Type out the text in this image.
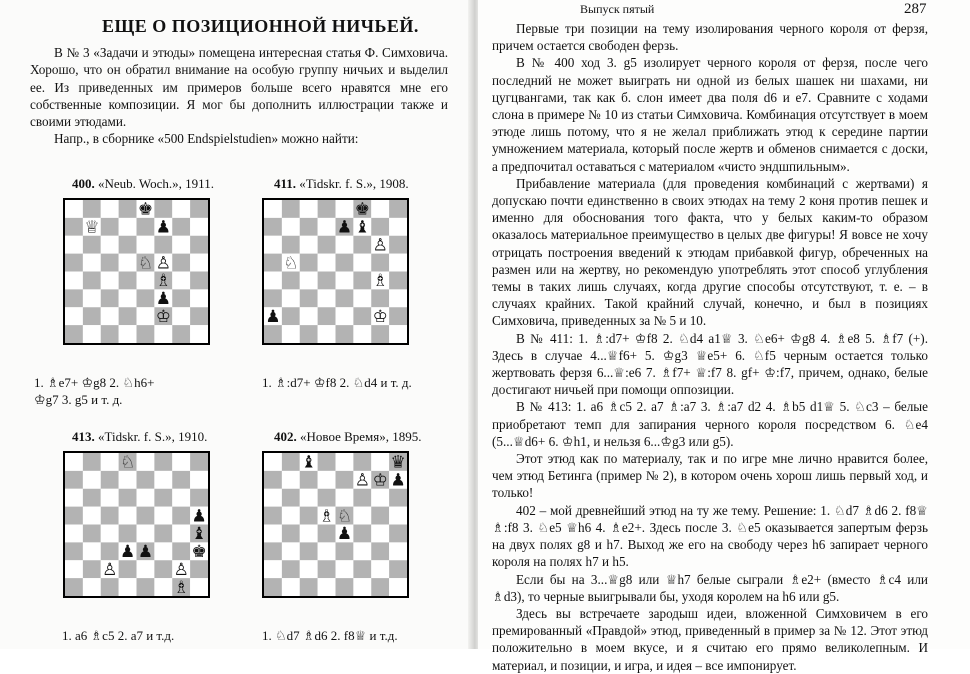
ЕЩЕ О ПОЗИЦИОННОЙ НИЧЬЕЙ.

В № 3 «Задачи и этюды» помещена интересная статья Ф. Симховича. Хорошо, что он обратил внимание на особую группу ничьих и выделил ее. Из приведенных им примеров больше всего нравятся мне его собственные композиции. Я мог бы дополнить иллюстрации также и своими этюдами.

Напр., в сборнике «500 Endspielstudien» можно найти:

400. «Neub. Woch.», 1911.
♚
♕	♟
♘ ♙
♗
♟
♔
1. ♗e7+ ♔g8 2. ♘h6+
♔g7 3. g5 и т. д.
411. «Tidskr. f. S.», 1908.
♚
♟ ♝
♙
♘
♗
♟	♔
1. ♗:d7+ ♔f8 2. ♘d4 и т. д.
413. «Tidskr. f. S.», 1910.
♘
♟
♝
♟ ♟ ♚
♙	♙
♗
1. a6 ♗c5 2. a7 и т.д.
402. «Новое Время», 1895.
♝	♛
♙ ♔ ♟
♗ ♘
♟
1. ♘d7 ♗d6 2. f8♕ и т.д.
Выпуск пятый	287

Первые три позиции на тему изолирования черного короля от ферзя, причем остается свободен ферзь.

В № 400 ход 3. g5 изолирует черного короля от ферзя, после чего последний не может выиграть ни одной из белых шашек ни шахами, ни цугцвангами, так как б. слон имеет два поля d6 и e7. Сравните с ходами слона в примере № 10 из статьи Симховича. Комбинация отсутствует в моем этюде лишь потому, что я не желал приближать этюд к середине партии умножением материала, который после жертв и обменов снимается с доски, а предпочитал оставаться с материалом «чисто эндшпильным».

Прибавление материала (для проведения комбинаций с жертвами) я допускаю почти единственно в своих этюдах на тему 2 коня против пешек и именно для обоснования того факта, что у белых каким-то образом оказалось материальное преимущество в целых две фигуры! Я вовсе не хочу отрицать построения введений к этюдам прибавкой фигур, обреченных на размен или на жертву, но рекомендую употреблять этот способ углубления темы в таких лишь случаях, когда другие способы отсутствуют, т. е. – в случаях крайних. Такой крайний случай, конечно, и был в позициях Симховича, приведенных за № 5 и 10.

В № 411: 1. ♗:d7+ ♔f8 2. ♘d4 a1♕ 3. ♘e6+ ♔g8 4. ♗e8 5. ♗f7 (+). Здесь в случае 4...♕f6+ 5. ♔g3 ♕e5+ 6. ♘f5 черным остается только жертвовать ферзя 6...♕:e6 7. ♗f7+ ♕:f7 8. gf+ ♔:f7, причем, однако, белые достигают ничьей при помощи оппозиции.

В № 413: 1. a6 ♗c5 2. a7 ♗:a7 3. ♗:a7 d2 4. ♗b5 d1♕ 5. ♘c3 – белые приобретают темп для запирания черного короля посредством 6. ♘e4 (5...♕d6+ 6. ♔h1, и нельзя 6...♔g3 или g5).

Этот этюд как по материалу, так и по игре мне лично нравится более, чем этюд Бетинга (пример № 2), в котором очень хорош лишь первый ход, и только!

402 – мой древнейший этюд на ту же тему. Решение: 1. ♘d7 ♗d6 2. f8♕ ♗:f8 3. ♘e5 ♕h6 4. ♗e2+. Здесь после 3. ♘e5 оказывается запертым ферзь на двух полях g8 и h7. Выход же его на свободу через h6 запирает черного короля на полях h7 и h5.

Если бы на 3...♕g8 или ♕h7 белые сыграли ♗e2+ (вместо ♗c4 или ♗d3), то черные выигрывали бы, уходя королем на h6 или g5.

Здесь вы встречаете зародыш идеи, вложенной Симховичем в его премированный «Правдой» этюд, приведенный в пример за № 12. Этот этюд положительно в моем вкусе, и я считаю его прямо великолепным. И материал, и позиции, и игра, и идея – все импонирует.
